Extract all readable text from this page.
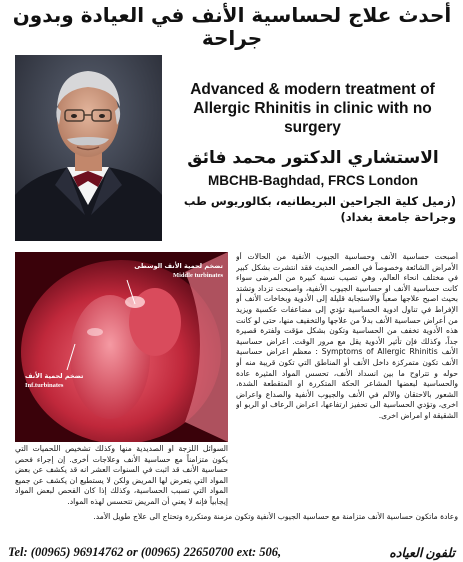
أحدث علاج لحساسية الأنف في العيادة وبدون جراحة
Advanced & modern treatment of Allergic Rhinitis in clinic with no surgery
الاستشاري الدكتور محمد فائق
MBCHB-Baghdad, FRCS London
(زميل كلية الجراحين البريطانيه، بكالوريوس طب وجراحة جامعة بغداد)
تضخم لحمية الأنف الوسطى
Middle turbinates
تضخم لحمية الأنف
Inf.turbinates

أصبحت حساسية الأنف وحساسية الجيوب الأنفية من الحالات أو الأمراض الشائعة وخصوصاً في العصر الحديث فقد انتشرت بشكل كبير في مختلف انحاء العالم، وهي تصيب نسبة كبيرة من المرضى سواء كانت حساسية الأنف او حساسية الجيوب الأنفية، واصبحت تزداد وتشتد بحيث اصبح علاجها صعباً والاستجابة قليلة إلى الأدوية وبخاخات الأنف أو الإفراط في تناول ادوية الحساسية تؤدي إلى مضاعفات عكسية ويزيد من أعراض حساسية الأنف بدلاً من علاجها والتخفيف منها، حتى لو كانت هذه الأدوية تخفف من الحساسية وتكون بشكل مؤقت ولفترة قصيرة جداً، وكذلك فإن تأثير الأدوية يقل مع مرور الوقت. اعراض حساسية الأنف Symptoms of Allergic Rhinitis : معظم اعراض حساسية الأنف تكون متمركزة داخل الأنف أو المناطق التي تكون قريبة منه أو حوله و تتراوح ما بين انسداد الأنف، تحسس المواد المثيرة عادة والحساسية لبعضها المشاعر الحكة المتكررة او المتقطعة الشدة، الشعور بالاحتقان والالم في الأنف والجيوب الأنفية والصداع واعراض اخرى، وتؤدي الحساسية الى تحفيز ارتفاعها، اعراض الرعاف او الربو او الشقيقة او امراض اخرى.

السوائل اللزجة او الصديدية منها وكذلك تشخيص اللحميات التي يكون متزامناً مع حساسية الأنف وعلاجات أخرى. إن إجراء فحص حساسية الأنف قد اثبت في السنوات العشر انه قد يكشف عن بعض المواد التي يتعرض لها المريض ولكن لا يستطيع ان يكشف عن جميع المواد التي تسبب الحساسية، وكذلك إذا كان الفحص لبعض المواد إيجابياً فإنه لا يعني أن المريض تتحسس لهذه المواد.

وعادة ماتكون حساسية الأنف متزامنة مع حساسية الجيوب الأنفية وتكون مزمنة ومتكررة وتحتاج الى علاج طويل الأمد.

Tel: (00965) 96914762 or (00965) 22650700 ext: 506,	تلفون العياده
